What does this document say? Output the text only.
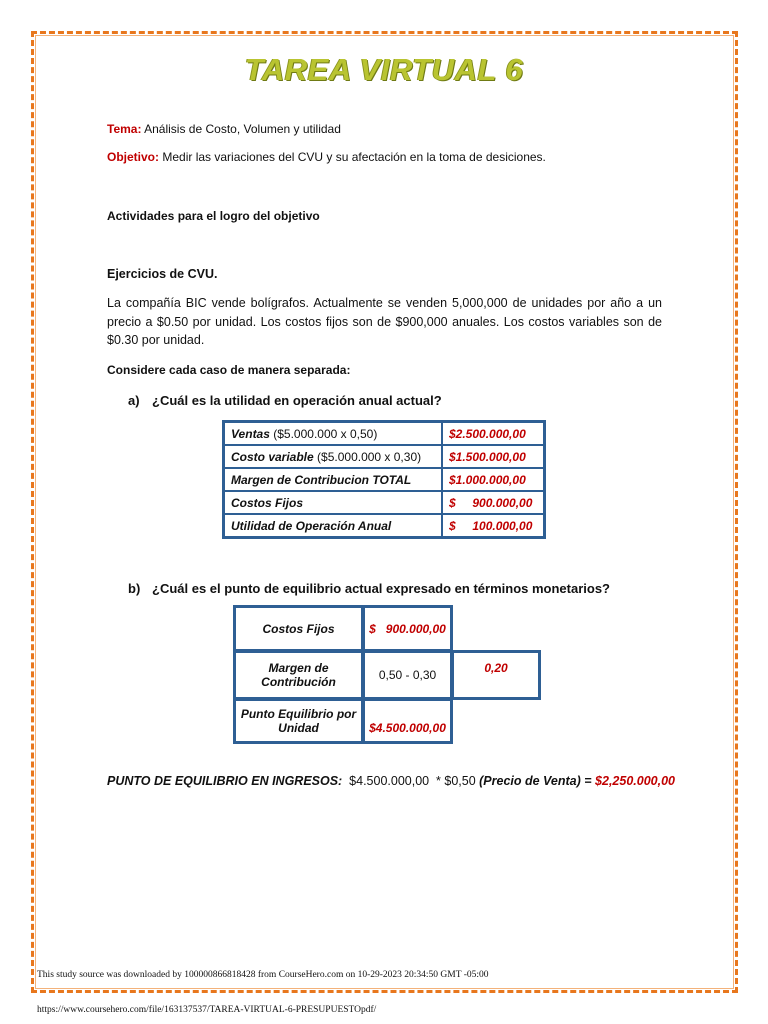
TAREA VIRTUAL 6
Tema: Análisis de Costo, Volumen y utilidad
Objetivo: Medir las variaciones del CVU y su afectación en la toma de desiciones.
Actividades para el logro del objetivo
Ejercicios de CVU.
La compañía BIC vende bolígrafos. Actualmente se venden 5,000,000 de unidades por año a un precio a $0.50 por unidad. Los costos fijos son de $900,000 anuales. Los costos variables son de $0.30 por unidad.
Considere cada caso de manera separada:
a) ¿Cuál es la utilidad en operación anual actual?
Ventas ($5.000.000 x 0,50)	$2.500.000,00
Costo variable ($5.000.000 x 0,30)	$1.500.000,00
Margen de Contribucion TOTAL	$1.000.000,00
Costos Fijos	$     900.000,00
Utilidad de Operación Anual	$     100.000,00
b) ¿Cuál es el punto de equilibrio actual expresado en términos monetarios?
Costos Fijos	$   900.000,00
Margen de Contribución	0,50 - 0,30	0,20
Punto Equilibrio por Unidad	$4.500.000,00
PUNTO DE EQUILIBRIO EN INGRESOS:  $4.500.000,00  * $0,50 (Precio de Venta) = $2,250.000,00
This study source was downloaded by 100000866818428 from CourseHero.com on 10-29-2023 20:34:50 GMT -05:00
https://www.coursehero.com/file/163137537/TAREA-VIRTUAL-6-PRESUPUESTOpdf/
